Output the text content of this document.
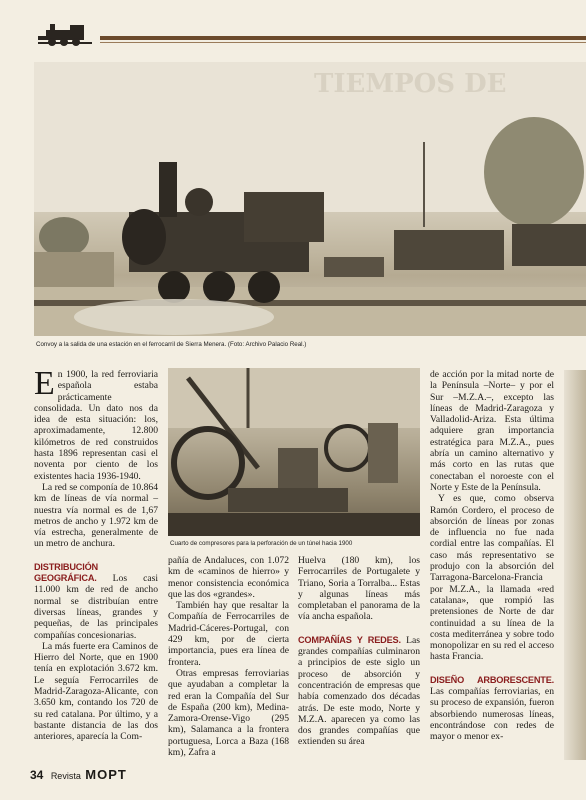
TIEMPOS DE
Convoy a la salida de una estación en el ferrocarril de Sierra Menera. (Foto: Archivo Palacio Real.)

En 1900, la red ferroviaria española estaba prácticamente consolidada. Un dato nos da idea de esta situación: los, aproximadamente, 12.800 kilómetros de red construidos hasta 1896 representan casi el noventa por ciento de los existentes hacia 1936-1940.

La red se componía de 10.864 km de líneas de vía normal –nuestra vía normal es de 1,67 metros de ancho y 1.972 km de vía estrecha, generalmente de un metro de anchura.

DISTRIBUCIÓN GEOGRÁFICA. Los casi 11.000 km de red de ancho normal se distribuían entre diversas líneas, grandes y pequeñas, de las principales compañías concesionarias.

La más fuerte era Caminos de Hierro del Norte, que en 1900 tenía en explotación 3.672 km. Le seguía Ferrocarriles de Madrid-Zaragoza-Alicante, con 3.650 km, contando los 720 de su red catalana. Por último, y a bastante distancia de las dos anteriores, aparecía la Com-

Cuarto de compresores para la perforación de un túnel hacia 1900

pañía de Andaluces, con 1.072 km de «caminos de hierro» y menor consistencia económica que las dos «grandes».

También hay que resaltar la Compañía de Ferrocarriles de Madrid-Cáceres-Portugal, con 429 km, por de cierta importancia, pues era línea de frontera.

Otras empresas ferroviarias que ayudaban a completar la red eran la Compañía del Sur de España (200 km), Medina-Zamora-Orense-Vigo (295 km), Salamanca a la frontera portuguesa, Lorca a Baza (168 km), Zafra a

Huelva (180 km), los Ferrocarriles de Portugalete y Triano, Soria a Torralba... Estas y algunas líneas más completaban el panorama de la vía ancha española.

COMPAÑÍAS Y REDES. Las grandes compañías culminaron a principios de este siglo un proceso de absorción y concentración de empresas que había comenzado dos décadas atrás. De este modo, Norte y M.Z.A. aparecen ya como las dos grandes compañías que extienden su área

de acción por la mitad norte de la Península –Norte– y por el Sur –M.Z.A.–, excepto las líneas de Madrid-Zaragoza y Valladolid-Ariza. Esta última adquiere gran importancia estratégica para M.Z.A., pues abría un camino alternativo y más corto en las rutas que conectaban el noroeste con el Norte y Este de la Península.

Y es que, como observa Ramón Cordero, el proceso de absorción de líneas por zonas de influencia no fue nada cordial entre las compañías. El caso más representativo se produjo con la absorción del Tarragona-Barcelona-Francia por M.Z.A., la llamada «red catalana», que rompió las pretensiones de Norte de dar continuidad a su línea de la costa mediterránea y sobre todo monopolizar en su red el acceso hasta Francia.

DISEÑO ARBORESCENTE. Las compañías ferroviarias, en su proceso de expansión, fueron absorbiendo numerosas líneas, encontrándose con redes de mayor o menor ex-

34 Revista MOPT
